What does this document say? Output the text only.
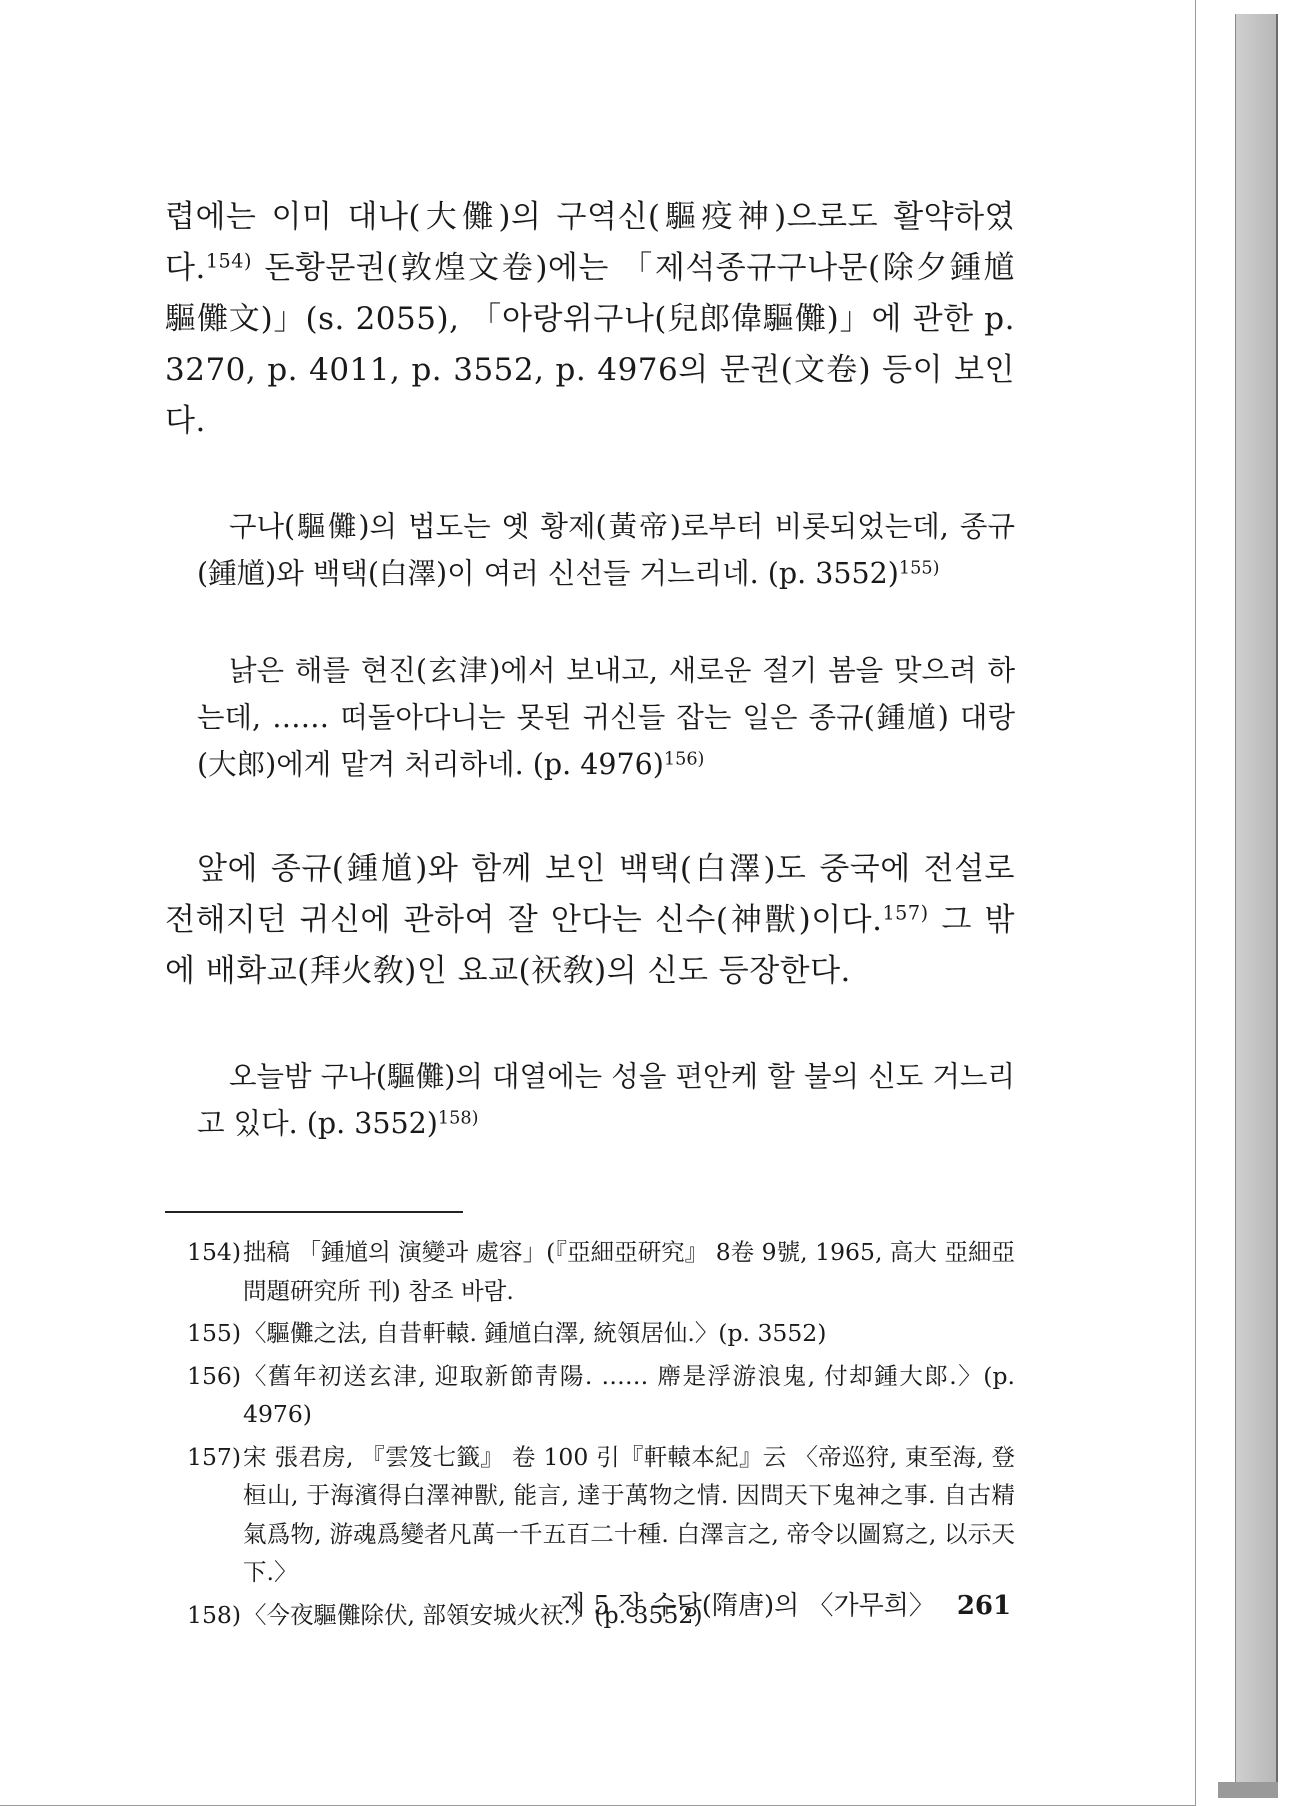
렵에는 이미 대나(大儺)의 구역신(驅疫神)으로도 활약하였다.$^{154)}$ 돈황문권(敦煌文卷)에는 「제석종규구나문(除夕鍾馗驅儺文)」(s. 2055), 「아랑위구나(兒郎偉驅儺)」에 관한 p. 3270, p. 4011, p. 3552, p. 4976의 문권(文卷) 등이 보인다.

구나(驅儺)의 법도는 옛 황제(黃帝)로부터 비롯되었는데, 종규(鍾馗)와 백택(白澤)이 여러 신선들 거느리네. (p. 3552)$^{155)}$

낡은 해를 현진(玄津)에서 보내고, 새로운 절기 봄을 맞으려 하는데, …… 떠돌아다니는 못된 귀신들 잡는 일은 종규(鍾馗) 대랑(大郎)에게 맡겨 처리하네. (p. 4976)$^{156)}$

앞에 종규(鍾馗)와 함께 보인 백택(白澤)도 중국에 전설로 전해지던 귀신에 관하여 잘 안다는 신수(神獸)이다.$^{157)}$ 그 밖에 배화교(拜火敎)인 요교(祆敎)의 신도 등장한다.

오늘밤 구나(驅儺)의 대열에는 성을 편안케 할 불의 신도 거느리고 있다. (p. 3552)$^{158)}$

154) 拙稿 「鍾馗의 演變과 處容」(『亞細亞硏究』 8卷 9號, 1965, 高大 亞細亞問題硏究所 刊) 참조 바람.
155) 〈驅儺之法, 自昔軒轅. 鍾馗白澤, 統領居仙.〉(p. 3552)
156) 〈舊年初送玄津, 迎取新節靑陽. …… 廗是浮游浪鬼, 付却鍾大郞.〉(p. 4976)
157) 宋 張君房, 『雲笈七籤』 卷 100 引『軒轅本紀』云 〈帝巡狩, 東至海, 登桓山, 于海濱得白澤神獸, 能言, 達于萬物之情. 因問天下鬼神之事. 自古精氣爲物, 游魂爲變者凡萬一千五百二十種. 白澤言之, 帝令以圖寫之, 以示天下.〉
158) 〈今夜驅儺除伏, 部領安城火祆.〉(p. 3552)
제 5 장 수당(隋唐)의 〈가무희〉 261
